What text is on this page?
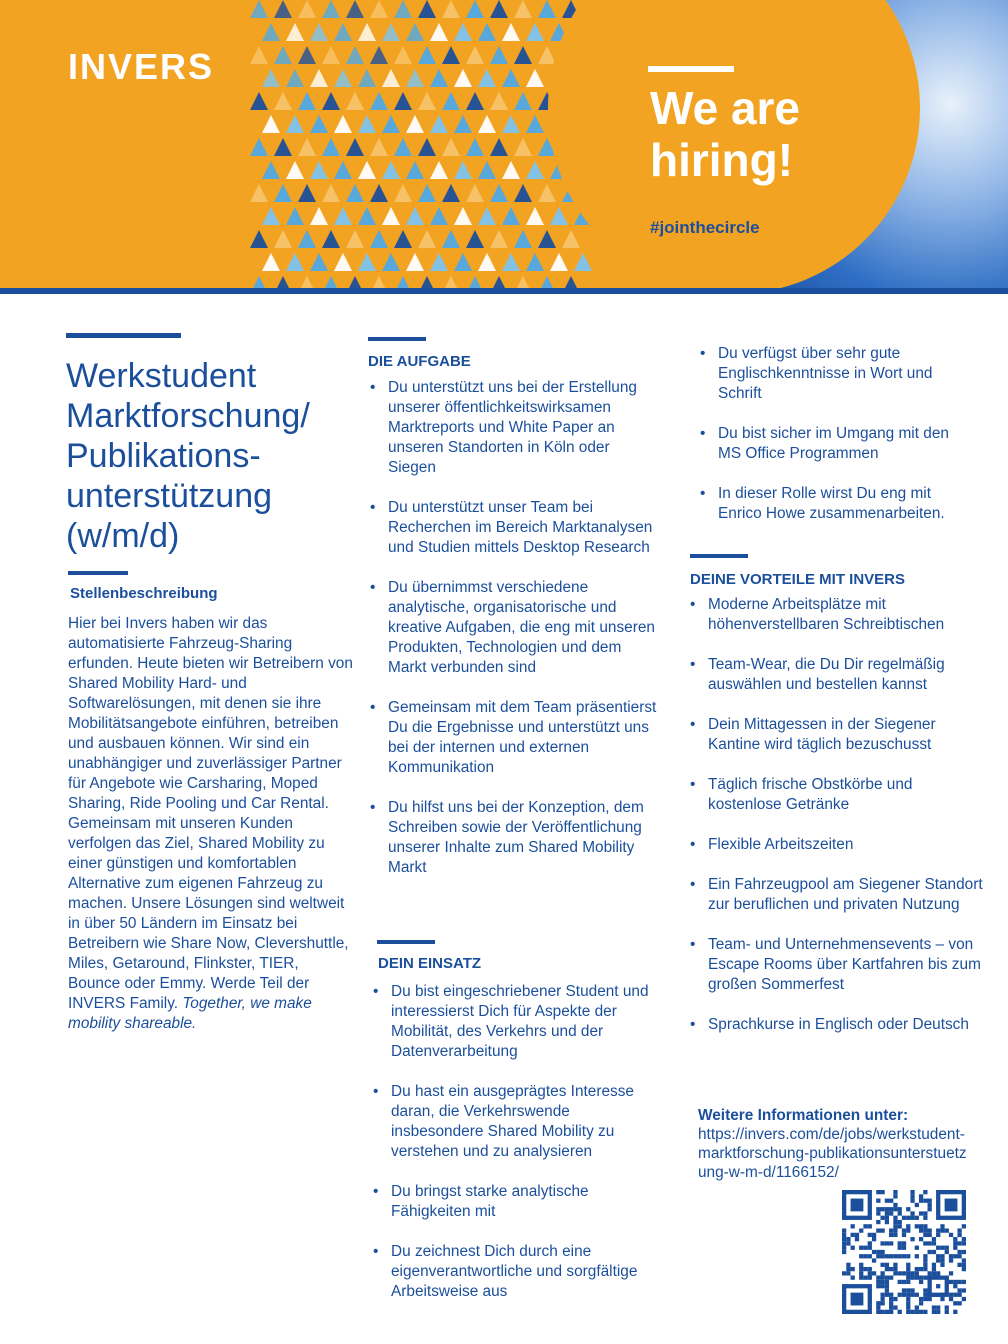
INVERS
We are
hiring!
#jointhecircle
Werkstudent
Marktforschung/
Publikations-
unterstützung
(w/m/d)
Stellenbeschreibung
Hier bei Invers haben wir das automatisierte Fahrzeug-Sharing erfunden. Heute bieten wir Betreibern von Shared Mobility Hard- und Softwarelösungen, mit denen sie ihre Mobilitätsangebote einführen, betreiben und ausbauen können. Wir sind ein unabhängiger und zuverlässiger Partner für Angebote wie Carsharing, Moped Sharing, Ride Pooling und Car Rental. Gemeinsam mit unseren Kunden verfolgen das Ziel, Shared Mobility zu einer günstigen und komfortablen Alternative zum eigenen Fahrzeug zu machen. Unsere Lösungen sind weltweit in über 50 Ländern im Einsatz bei Betreibern wie Share Now, Clevershuttle, Miles, Getaround, Flinkster, TIER, Bounce oder Emmy. Werde Teil der INVERS Family. Together, we make mobility shareable.
DIE AUFGABE
• Du unterstützt uns bei der Erstellung unserer öffentlichkeitswirksamen Marktreports und White Paper an unseren Standorten in Köln oder Siegen
• Du unterstützt unser Team bei Recherchen im Bereich Marktanalysen und Studien mittels Desktop Research
• Du übernimmst verschiedene analytische, organisatorische und kreative Aufgaben, die eng mit unseren Produkten, Technologien und dem Markt verbunden sind
• Gemeinsam mit dem Team präsentierst Du die Ergebnisse und unterstützt uns bei der internen und externen Kommunikation
• Du hilfst uns bei der Konzeption, dem Schreiben sowie der Veröffentlichung unserer Inhalte zum Shared Mobility Markt
DEIN EINSATZ
• Du bist eingeschriebener Student und interessierst Dich für Aspekte der Mobilität, des Verkehrs und der Datenverarbeitung
• Du hast ein ausgeprägtes Interesse daran, die Verkehrswende insbesondere Shared Mobility zu verstehen und zu analysieren
• Du bringst starke analytische Fähigkeiten mit
• Du zeichnest Dich durch eine eigenverantwortliche und sorgfältige Arbeitsweise aus
• Du verfügst über sehr gute Englischkenntnisse in Wort und Schrift
• Du bist sicher im Umgang mit den MS Office Programmen
• In dieser Rolle wirst Du eng mit Enrico Howe zusammenarbeiten.
DEINE VORTEILE MIT INVERS
• Moderne Arbeitsplätze mit höhenverstellbaren Schreibtischen
• Team-Wear, die Du Dir regelmäßig auswählen und bestellen kannst
• Dein Mittagessen in der Siegener Kantine wird täglich bezuschusst
• Täglich frische Obstkörbe und kostenlose Getränke
• Flexible Arbeitszeiten
• Ein Fahrzeugpool am Siegener Standort zur beruflichen und privaten Nutzung
• Team- und Unternehmensevents – von Escape Rooms über Kartfahren bis zum großen Sommerfest
• Sprachkurse in Englisch oder Deutsch
Weitere Informationen unter:
https://invers.com/de/jobs/werkstudent-marktforschung-publikationsunterstuetzung-w-m-d/1166152/
